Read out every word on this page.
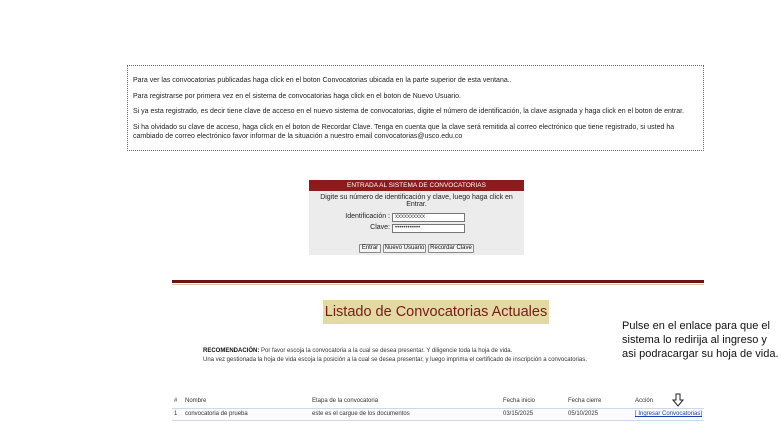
Para ver las convocatorias publicadas haga click en el boton Convocatorias ubicada en la parte superior de esta ventana..

Para registrarse por primera vez en el sistema de convocatorias haga click en el boton de Nuevo Usuario.

Si ya esta registrado, es decir tiene clave de acceso en el nuevo sistema de convocatorias, digite el número de identificación, la clave asignada y haga click en el boton de entrar.

Si ha olvidado su clave de acceso, haga click en el boton de Recordar Clave. Tenga en cuenta que la clave será remitida al correo electrónico que tiene registrado, si usted ha cambiado de correo electrónico favor informar de la situación a nuestro email convocatorias@usco.edu.co

ENTRADA AL SISTEMA DE CONVOCATORIAS
Digite su número de identificación y clave, luego haga click en Entrar.
Identificación : xxxxxxxxxx
Clave: ••••••••••••
Entrar	Nuevo Usuario Recordar Clave
Listado de Convocatorias Actuales
RECOMENDACIÓN: Por favor escoja la convocatoria a la cual se desea presentar. Y diligencie toda la hoja de vida.
Una vez gestionada la hoja de vida escoja la posición a la cual se desea presentar, y luego imprima el certificado de inscripción a convocatorias.
# Nombre	Etapa de la convocatoria	Fecha inicio	Fecha cierre	Acción
1 convocatoria de prueba	este es el cargue de los documentos	03/15/2025	05/10/2025	[ Ingresar Convocatorias]
Pulse en el enlace para que el sistema lo redirija al ingreso y asi podracargar su hoja de vida.
